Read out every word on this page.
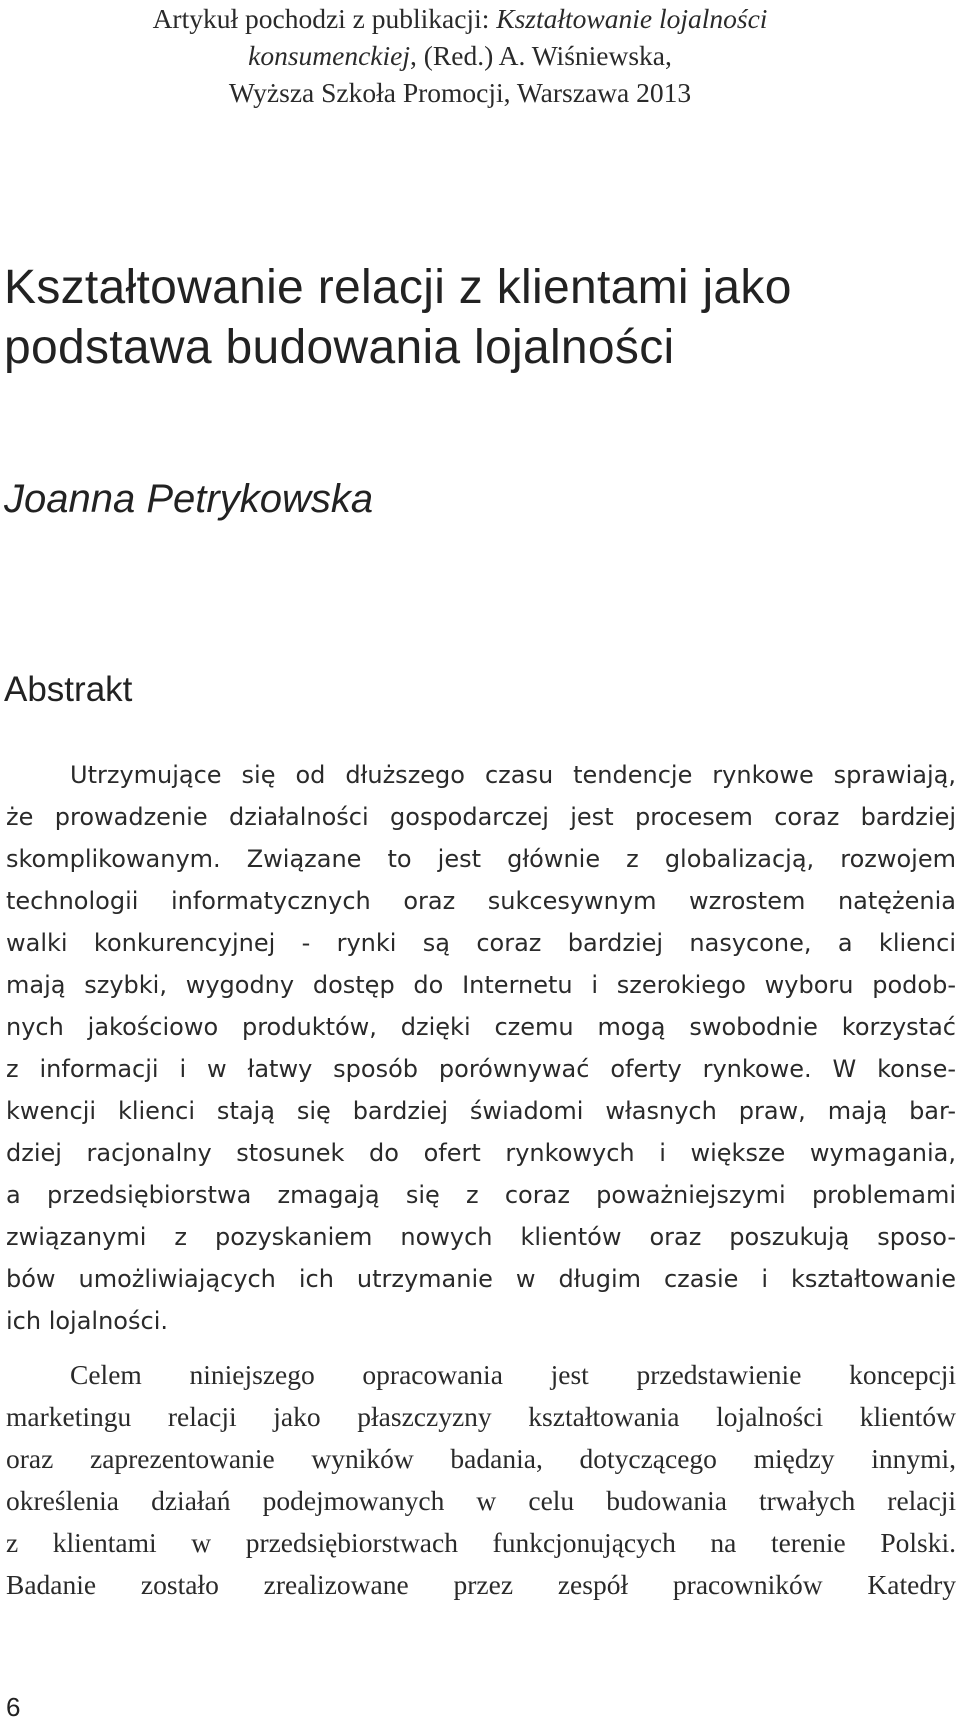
Artykuł pochodzi z publikacji: Kształtowanie lojalności
konsumenckiej, (Red.) A. Wiśniewska,
Wyższa Szkoła Promocji, Warszawa 2013
Kształtowanie relacji z klientami jako
podstawa budowania lojalności
Joanna Petrykowska
Abstrakt
Utrzymujące się od dłuższego czasu tendencje rynkowe sprawiają,
że prowadzenie działalności gospodarczej jest procesem coraz bardziej
skomplikowanym. Związane to jest głównie z globalizacją, rozwojem
technologii informatycznych oraz sukcesywnym wzrostem natężenia
walki konkurencyjnej - rynki są coraz bardziej nasycone, a klienci
mają szybki, wygodny dostęp do Internetu i szerokiego wyboru podob-
nych jakościowo produktów, dzięki czemu mogą swobodnie korzystać
z informacji i w łatwy sposób porównywać oferty rynkowe. W konse-
kwencji klienci stają się bardziej świadomi własnych praw, mają bar-
dziej racjonalny stosunek do ofert rynkowych i większe wymagania,
a przedsiębiorstwa zmagają się z coraz poważniejszymi problemami
związanymi z pozyskaniem nowych klientów oraz poszukują sposo-
bów umożliwiających ich utrzymanie w długim czasie i kształtowanie
ich lojalności.
Celem niniejszego opracowania jest przedstawienie koncepcji
marketingu relacji jako płaszczyzny kształtowania lojalności klientów
oraz zaprezentowanie wyników badania, dotyczącego między innymi,
określenia działań podejmowanych w celu budowania trwałych relacji
z klientami w przedsiębiorstwach funkcjonujących na terenie Polski.
Badanie zostało zrealizowane przez zespół pracowników Katedry
6
